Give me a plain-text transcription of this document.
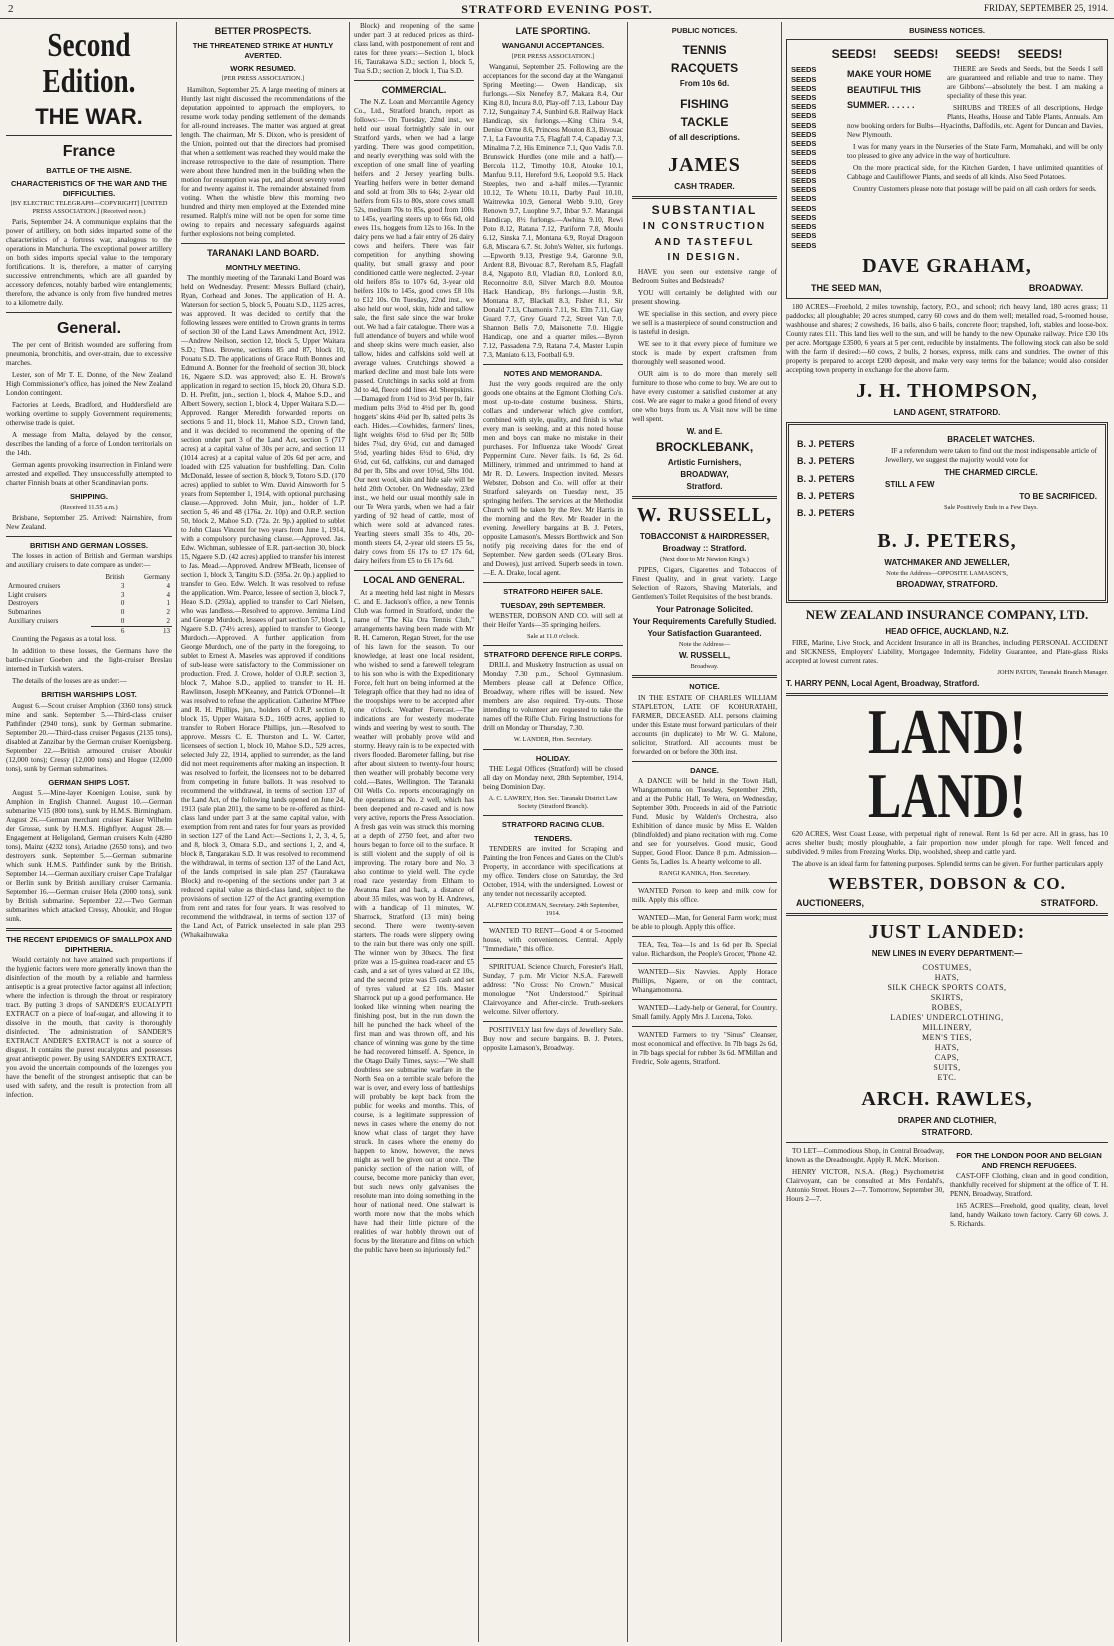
2	STRATFORD EVENING POST.	FRIDAY, SEPTEMBER 25, 1914.
Second Edition.
THE WAR.
France
BATTLE OF THE AISNE.
CHARACTERISTICS OF THE WAR AND THE DIFFICULTIES.
[BY ELECTRIC TELEGRAPH—COPYRIGHT] [UNITED PRESS ASSOCIATION.] (Received noon.)

Paris, September 24. A communique explains that the power of artillery, on both sides imparted some of the characteristics of a fortress war, analogous to the operations in Manchuria. The exceptional power artillery on both sides imports special value to the temporary fortifications. It is, therefore, a matter of carrying successive entrenchments, which are all guarded by accessory defences, notably barbed wire entanglements; therefore, the advance is only from five hundred metres to a kilometre daily.

General.

The per cent of British wounded are suffering from pneumonia, bronchitis, and over-strain, due to excessive marches.

Lester, son of Mr T. E. Donne, of the New Zealand High Commissioner's office, has joined the New Zealand London contingent.

Factories at Leeds, Bradford, and Huddersfield are working overtime to supply Government requirements; otherwise trade is quiet.

A message from Malta, delayed by the censor, describes the landing of a force of London territorials on the 14th.

German agents provoking insurrection in Finland were arrested and expelled. They unsuccessfully attempted to charter Finnish boats at other Scandinavian ports.

SHIPPING.
(Received 11.55 a.m.)

Brisbane, September 25. Arrived: Nairnshire, from New Zealand.

BRITISH AND GERMAN LOSSES.

The losses in action of British and German warships and auxiliary cruisers to date compare as under:—

	British	Germany
Armoured cruisers	3	4
Light cruisers	3	4
Destroyers	0	1
Submarines	0	2
Auxiliary cruisers	0	2
	6	13

Counting the Pegasus as a total loss.

In addition to these losses, the Germans have the battle-cruiser Goeben and the light-cruiser Breslau interned in Turkish waters.

The details of the losses are as under:—

BRITISH WARSHIPS LOST.

August 6.—Scout cruiser Amphion (3360 tons) struck mine and sank. September 5.—Third-class cruiser Pathfinder (2940 tons), sunk by German submarine. September 20.—Third-class cruiser Pegasus (2135 tons), disabled at Zanzibar by the German cruiser Koenigsberg. September 22.—British armoured cruiser Aboukir (12,000 tons); Cressy (12,000 tons) and Hogue (12,000 tons), sunk by German submarines.

GERMAN SHIPS LOST.

August 5.—Mine-layer Koenigen Louise, sunk by Amphion in English Channel. August 10.—German submarine V15 (800 tons), sunk by H.M.S. Birmingham. August 26.—German merchant cruiser Kaiser Wilhelm der Grosse, sunk by H.M.S. Highflyer. August 28.—Engagement at Heligoland, German cruisers Koln (4280 tons), Mainz (4232 tons), Ariadne (2650 tons), and two destroyers sunk. September 5.—German submarine which sunk H.M.S. Pathfinder sunk by the British. September 14.—German auxiliary cruiser Cape Trafalgar or Berlin sunk by British auxiliary cruiser Carmania. September 16.—German cruiser Hela (2000 tons), sunk by British submarine. September 22.—Two German submarines which attacked Cressy, Aboukir, and Hogue sunk.

THE RECENT EPIDEMICS OF SMALLPOX AND DIPHTHERIA.

Would certainly not have attained such proportions if the hygienic factors were more generally known than the disinfection of the mouth by a reliable and harmless antiseptic is a great protective factor against all infection; where the infection is through the throat or respiratory tract. By putting 3 drops of SANDER'S EUCALYPTI EXTRACT on a piece of loaf-sugar, and allowing it to dissolve in the mouth, that cavity is thoroughly disinfected. The administration of SANDER'S EXTRACT ANDER'S EXTRACT is not a source of disgust. It contains the purest eucalyptus and possesses great antiseptic power. By using SANDER'S EXTRACT, you avoid the uncertain compounds of the lozenges you have the benefit of the strongest antiseptic that can be used with safety, and the result is protection from all infection.

BETTER PROSPECTS.
THE THREATENED STRIKE AT HUNTLY AVERTED.
WORK RESUMED.
[PER PRESS ASSOCIATION.]

Hamilton, September 25. A large meeting of miners at Huntly last night discussed the recommendations of the deputation appointed to approach the employers, to resume work today pending settlement of the demands for all-round increases. The matter was argued at great length. The chairman, Mr S. Dixon, who is president of the Union, pointed out that the directors had promised that when a settlement was reached they would make the increase retrospective to the date of resumption. There were about three hundred men in the building when the motion for resumption was put, and about seventy voted for and twenty against it. The remainder abstained from voting. When the whistle blew this morning two hundred and thirty men employed at the Extended mine resumed. Ralph's mine will not be open for some time owing to repairs and necessary safeguards against further explosions not being completed.

TARANAKI LAND BOARD.
MONTHLY MEETING.

The monthly meeting of the Taranaki Land Board was held on Wednesday. Present: Messrs Bullard (chair), Ryan, Corhead and Jones. The application of H. A. Waterson for section 5, block 5, Pouatu S.D., 1125 acres, was approved. It was decided to certify that the following lessees were entitled to Crown grants in terms of section 30 of the Land Laws Amendment Act, 1912.—Andrew Neilson, section 12, block 5, Upper Waitara S.D.; Thos. Browne, sections 85 and 87, block 10, Pouatu S.D. The applications of Grace Ruth Bonnes and Edmund A. Bonner for the freehold of section 30, block 16, Ngaere S.D. was approved; also E. H. Brown's application in regard to section 15, block 20, Ohura S.D. D. H. Prefitt, jun., section 1, block 4, Mahoe S.D., and Albert Sowery, section 1, block 4, Upper Waitara S.D.—Approved. Ranger Meredith forwarded reports on sections 5 and 11, block 11, Mahoe S.D., Crown land, and it was decided to recommend the opening of the section under part 3 of the Land Act, section 5 (717 acres) at a capital value of 30s per acre, and section 11 (1014 acres) at a capital value of 20s 6d per acre, and loaded with £25 valuation for bushfelling. Dan. Colin McDonald, lessee of section 8, block 9, Totoro S.D. (170 acres) applied to sublet to Wm. David Ainsworth for 5 years from September 1, 1914, with optional purchasing clause.—Approved. John Muir, jun., holder of L.P. section 5, 46 and 48 (176a. 2r. 10p) and O.R.P. section 50, block 2, Mahoe S.D. (72a. 2r. 9p.) applied to sublet to John Claus Vincent for two years from June 1, 1914, with a compulsory purchasing clause.—Approved. Jas. Edw. Wichman, sublessee of E.R. part-section 30, block 15, Ngaere S.D. (42 acres) applied to transfer his interest to Jas. Mead.—Approved. Andrew M'Beath, licensee of section 1, block 3, Tangitu S.D. (595a. 2r. 0p.) applied to transfer to Geo. Edw. Welch. It was resolved to refuse the application. Wm. Pearce, lessee of section 3, block 7, Heao S.D. (293a), applied to transfer to Carl Nielsen, who was landless.—Resolved to approve. Jemima Lind and George Murdoch, lessees of part section 57, block 1, Ngaere S.D. (74½ acres), applied to transfer to George Murdoch.—Approved. A further application from George Murdoch, one of the party in the foregoing, to sublet to Ernest A. Maseles was approved if conditions of sub-lease were satisfactory to the Commissioner on production. Fred. J. Crowe, holder of O.R.P. section 3, block 7, Mahoe S.D., applied to transfer to H. H. Rawlinson, Joseph M'Keaney, and Patrick O'Donnel—It was resolved to refuse the application. Catherine M'Phee and R. H. Phillips, jun., holders of O.R.P. section 8, block 15, Upper Waitara S.D., 1609 acres, applied to transfer to Robert Horace Phillips, jun.—Resolved to approve. Messrs C. E. Thurston and L. W. Carter, licensees of section 1, block 10, Mahoe S.D., 529 acres, selected July 22, 1914, applied to surrender, as the land did not meet requirements after making an inspection. It was resolved to forfeit, the licensees not to be debarred from competing in future ballots. It was resolved to recommend the withdrawal, in terms of section 137 of the Land Act, of the following lands opened on June 24, 1913 (sale plan 201), the same to be re-offered as third-class land under part 3 at the same capital value, with exemption from rent and rates for four years as provided in section 127 of the Land Act:—Sections 1, 2, 3, 4, 5, and 8, block 3, Omara S.D., and sections 1, 2, and 4, block 8, Tangarakau S.D. It was resolved to recommend the withdrawal, in terms of section 137 of the Land Act, of the lands comprised in sale plan 257 (Taurakawa Block) and re-opening of the sections under part 3 at reduced capital value as third-class land, subject to the provisions of section 127 of the Act granting exemption from rent and rates for four years. It was resolved to recommend the withdrawal, in terms of section 137 of the Land Act, of Patrick unselected in sale plan 293 (Whakaihuwaka

Block) and reopening of the same under part 3 at reduced prices as third-class land, with postponement of rent and rates for three years:—Section 1, block 16, Taurakawa S.D.; section 1, block 5, Tua S.D.; section 2, block 1, Tua S.D.

COMMERCIAL.

The N.Z. Loan and Mercantile Agency Co., Ltd., Stratford branch, report as follows:— On Tuesday, 22nd inst., we held our usual fortnightly sale in our Stratford yards, when we had a large yarding. There was good competition, and nearly everything was sold with the exception of one small line of yearling heifers and 2 Jersey yearling bulls. Yearling heifers were in better demand and sold at from 30s to 64s; 2-year old heifers from 61s to 80s, store cows small 52s, medium 70s to 85s, good from 100s to 145s, yearling steers up to 66s 6d, old ewes 11s, hoggets from 12s to 16s. In the dairy pens we had a fair entry of 26 dairy cows and heifers. There was fair competition for anything showing quality, but small grassy and poor conditioned cattle were neglected. 2-year old heifers 85s to 107s 6d, 3-year old heifers 110s to 145s, good cows £8 10s to £12 10s. On Tuesday, 22nd inst., we also held our wool, skin, hide and tallow sale, the first sale since the war broke out. We had a fair catalogue. There was a full attendance of buyers and while wool and sheep skins were much easier, also tallow, hides and calfskins sold well at average values. Crutchings showed a marked decline and most bale lots were passed. Crutchings in sacks sold at from 3d to 4d, fleece odd lines 4d. Sheepskins.—Damaged from 1½d to 3½d per lb, fair medium pelts 3½d to 4½d per lb, good hoggets' skins 4¼d per lb, salted pelts 3s each. Hides.—Cowhides, farmers' lines, light weights 6½d to 6¾d per lb; 50lb hides 7¼d, dry 6½d, cut and damaged 5½d, yearling hides 6½d to 6¾d, dry 6½d, cut 6d, calfskins, cut and damaged 8d per lb, 5lbs and over 10½d, 5lbs 10d. Our next wool, skin and hide sale will be held 20th October. On Wednesday, 23rd inst., we held our usual monthly sale in our Te Wera yards, when we had a fair yarding of 92 head of cattle, most of which were sold at advanced rates. Yearling steers small 35s to 40s, 20-month steers £4, 2-year old steers £5 5s, dairy cows from £6 17s to £7 17s 6d, dairy heifers from £5 to £6 17s 6d.

LOCAL AND GENERAL.

At a meeting held last night in Messrs C. and E. Jackson's office, a new Tennis Club was formed in Stratford, under the name of "The Kia Ora Tennis Club," arrangements having been made with Mr R. H. Cameron, Regan Street, for the use of his lawn for the season. To our knowledge, at least one local resident, who wished to send a farewell telegram to his son who is with the Expeditionary Force, felt hurt on being informed at the Telegraph office that they had no idea of the troopships were to be accepted after one o'clock. Weather Forecast.—The indications are for westerly moderate winds and veering by west to south. The weather will probably prove wild and stormy. Heavy rain is to be expected with rivers flooded. Barometer falling, but rise after about sixteen to twenty-four hours; then weather will probably become very cold.—Bates, Wellington. The Taranaki Oil Wells Co. reports encouragingly on the operations at No. 2 well, which has been deepened and re-cased and is now very active, reports the Press Association. A fresh gas vein was struck this morning at a depth of 2750 feet, and after two hours began to force oil to the surface. It is still violent and the supply of oil is improving. The rotary bore and No. 3 also continue to yield well. The cycle road race yesterday from Eltham to Awatuna East and back, a distance of about 35 miles, was won by H. Andrews, with a handicap of 11 minutes, W. Sharrock, Stratford (13 min) being second. There were twenty-seven starters. The roads were slippery owing to the rain but there was only one spill. The winner won by 30secs. The first prize was a 15-guinea road-racer and £5 cash, and a set of tyres valued at £2 10s, and the second prize was £5 cash and set of tyres valued at £2 10s. Master Sharrock put up a good performance. He looked like winning when nearing the finishing post, but in the run down the hill he punched the back wheel of the first man and was thrown off, and his chance of winning was gone by the time he had recovered himself. A. Spence, in the Otago Daily Times, says:—"We shall doubtless see submarine warfare in the North Sea on a terrible scale before the war is over, and every loss of battleships will probably be kept back from the public for weeks and months. This, of course, is a legitimate suppression of news in cases where the enemy do not know what class of target they have struck. In cases where the enemy do happen to know, however, the news might as well be given out at once. The panicky section of the nation will, of course, become more panicky than ever, but such news only galvanises the resolute man into doing something in the hour of national need. One stalwart is worth more now that the mobs which have had their little picture of the realities of war hobbly thrown out of focus by the literature and films on which the public have been so injuriously fed."

LATE SPORTING.
WANGANUI ACCEPTANCES.
[PER PRESS ASSOCIATION.]

Wanganui, September 25. Following are the acceptances for the second day at the Wanganui Spring Meeting:— Owen Handicap, six furlongs.—Six Nenefey 8.7, Makara 8.4, Our King 8.0, Incura 8.0, Play-off 7.13, Labour Day 7.12, Sungainay 7.4, Sunbird 6.8. Railway Hack Handicap, six furlongs.—King Chira 9.4, Denise Orme 8.6, Princess Mouton 8.3, Bivouac 7.1, La Favourita 7.5, Flagfall 7.4, Capaday 7.3, Minalma 7.2, His Eminence 7.1, Quo Vadis 7.0. Brunswick Hurdles (one mile and a half).—Bercola 11.2, Timothy 10.8, Atouke 10.1, Manfuu 9.11, Hereford 9.6, Leopold 9.5. Hack Steeples, two and a-half miles.—Tyrannic 10.12, Te Whetu 10.11, Darby Paul 10.10, Waitrewka 10.9, General Webb 9.10, Grey Renown 9.7, Luophne 9.7, Ihbar 9.7. Marangai Handicap, 8½ furlongs.—Awhina 9.10, Rewi Poto 8.12, Ratana 7.12, Pariform 7.8, Moulu 6.12, Sinska 7.1, Montana 6.9, Royal Dragoon 6.8, Miscara 6.7. St. John's Welter, six furlongs.—Epworth 9.13, Prestige 9.4, Garonne 9.0, Ardent 8.8, Bivouac 8.7, Rereham 8.5, Flagfall 8.4, Ngapoto 8.0, Vladian 8.0, Lonlord 8.0, Reconnoitre 8.0, Silver March 8.0. Moutoa Hack Handicap, 8½ furlongs.—Justin 9.8, Montana 8.7, Blackall 8.3, Fisher 8.1, Sir Donald 7.13, Chamonix 7.11, St. Elm 7.11, Gay Guard 7.7, Grey Guard 7.2, Street Van 7.0, Shannon Bells 7.0, Maisonette 7.0. Higgie Handicap, one and a quarter miles.—Byron 7.12, Passadena 7.9, Ratana 7.4, Master Lupin 7.3, Maniato 6.13, Football 6.9.

NOTES AND MEMORANDA.

Just the very goods required are the only goods one obtains at the Egmont Clothing Co's. most up-to-date costume business. Shirts, collars and underwear which give comfort, combined with style, quality, and finish is what every man is seeking, and at this noted house men and boys can make no mistake in their purchases. For Influenza take Woods' Great Peppermint Cure. Never fails. 1s 6d, 2s 6d. Millinery, trimmed and untrimmed to hand at Mr R. D. Lewers. Inspection invited. Messrs Webster, Dobson and Co. will offer at their Stratford saleyards on Tuesday next, 35 springing heifers. The services at the Methodist Church will be taken by the Rev. Mr Harris in the morning and the Rev. Mr Reader in the evening. Jewellery bargains at B. J. Peters, opposite Lamason's. Messrs Borthwick and Son notify pig receiving dates for the end of September. New garden seeds (O'Leary Bros. and Dowes), just arrived. Superb seeds in town.—E. A. Drake, local agent.

STRATFORD HEIFER SALE.
TUESDAY, 29th SEPTEMBER.

WEBSTER, DOBSON AND CO. will sell at their Heifer Yards—35 springing heifers.

Sale at 11.0 o'clock.
STRATFORD DEFENCE RIFLE CORPS.

DRILL and Musketry Instruction as usual on Monday 7.30 p.m., School Gymnasium. Members please call at Defence Office, Broadway, where rifles will be issued. New members are also required. Try-outs. Those intending to volunteer are requested to take the names off the Rifle Club. Firing Instructions for drill on Monday or Thursday, 7.30.

W. LANDER, Hon. Secretary.
HOLIDAY.

THE Legal Offices (Stratford) will be closed all day on Monday next, 28th September, 1914, being Dominion Day.

A. C. LAWREY, Hon. Sec. Taranaki District Law Society (Stratford Branch).
STRATFORD RACING CLUB.
TENDERS.

TENDERS are invited for Scraping and Painting the Iron Fences and Gates on the Club's Property, in accordance with specifications at my office. Tenders close on Saturday, the 3rd October, 1914, with the undersigned. Lowest or any tender not necessarily accepted.

ALFRED COLEMAN, Secretary. 24th September, 1914.

WANTED TO RENT—Good 4 or 5-roomed house, with conveniences. Central. Apply "Immediate," this office.

SPIRITUAL Science Church, Forester's Hall, Sunday, 7 p.m. Mr Victor N.S.A. Farewell address: "No Cross: No Crown." Musical monologue "Not Understood." Spiritual Clairvoyance and After-circle. Truth-seekers welcome. Silver offertory.

POSITIVELY last few days of Jewellery Sale. Buy now and secure bargains. B. J. Peters, opposite Lamason's, Broadway.

PUBLIC NOTICES.
TENNIS
RACQUETS
From 10s 6d.
FISHING
TACKLE
of all descriptions.
JAMES
CASH TRADER.
SUBSTANTIAL
IN CONSTRUCTION
AND TASTEFUL
IN DESIGN.

HAVE you seen our extensive range of Bedroom Suites and Bedsteads?

YOU will certainly be delighted with our present showing.

WE specialise in this section, and every piece we sell is a masterpiece of sound construction and is tasteful in design.

WE see to it that every piece of furniture we stock is made by expert craftsmen from thoroughly well seasoned wood.

OUR aim is to do more than merely sell furniture to those who come to buy. We are out to have every customer a satisfied customer at any cost. We are eager to make a good friend of every one who buys from us. A Visit now will be time well spent.

W. and E.
BROCKLEBANK,
Artistic Furnishers,
BROADWAY,
Stratford.
W. RUSSELL,
TOBACCONIST & HAIRDRESSER,
Broadway :: Stratford.
(Next door to Mr Newton King's.)

PIPES, Cigars, Cigarettes and Tobaccos of Finest Quality, and in great variety. Large Selection of Razors, Shaving Materials, and Gentlemen's Toilet Requisites of the best brands.

Your Patronage Solicited.
Your Requirements Carefully Studied.
Your Satisfaction Guaranteed.
Note the Address—
W. RUSSELL,
Broadway.
NOTICE.

IN THE ESTATE OF CHARLES WILLIAM STAPLETON, LATE OF KOHURATAHI, FARMER, DECEASED. ALL persons claiming under this Estate must forward particulars of their accounts (in duplicate) to Mr W. G. Malone, solicitor, Stratford. All accounts must be forwarded on or before the 30th inst.

DANCE.

A DANCE will be held in the Town Hall, Whangamomona on Tuesday, September 29th, and at the Public Hall, Te Wera, on Wednesday, September 30th. Proceeds in aid of the Patriotic Fund. Music by Walden's Orchestra, also Exhibition of dance music by Miss E. Walden (blindfolded) and piano recitation with rug. Come and see for yourselves. Good music, Good Supper, Good Floor. Dance 8 p.m. Admission—Gents 5s, Ladies 1s. A hearty welcome to all.

RANGI KANIKA, Hon. Secretary.

WANTED Person to keep and milk cow for milk. Apply this office.

WANTED—Man, for General Farm work; must be able to plough. Apply this office.

TEA, Tea, Tea—1s and 1s 6d per lb. Special value. Richardson, the People's Grocer, 'Phone 42.

WANTED—Six Navvies. Apply Horace Phillips, Ngaere, or on the contract, Whangamomona.

WANTED—Lady-help or General, for Country. Small family. Apply Mrs J. Lucena, Toko.

WANTED Farmers to try "Sinus" Cleanser, most economical and effective. In 7lb bags 2s 6d, in 7lb bags special for rubber 3s 6d. M'Millan and Fredric, Sole agents, Stratford.

BUSINESS NOTICES.
SEEDS! SEEDS! SEEDS! SEEDS!
SEEDS
SEEDS
SEEDS
SEEDS
SEEDS
SEEDS
SEEDS
SEEDS
SEEDS
SEEDS
SEEDS
SEEDS
SEEDS
SEEDS
SEEDS
SEEDS
SEEDS
SEEDS
SEEDS
SEEDS
MAKE YOUR HOME
BEAUTIFUL THIS
SUMMER. . . . . .

THERE are Seeds and Seeds, but the Seeds I sell are guaranteed and reliable and true to name. They are Gibbons'—absolutely the best. I am making a speciality of these this year.

SHRUBS and TREES of all descriptions, Hedge Plants, Heaths, House and Table Plants, Annuals. Am now booking orders for Bulbs—Hyacinths, Daffodils, etc. Agent for Duncan and Davies, New Plymouth.

I was for many years in the Nurseries of the State Farm, Momahaki, and will be only too pleased to give any advice in the way of horticulture.

On the more practical side, for the Kitchen Garden, I have unlimited quantities of Cabbage and Cauliflower Plants, and seeds of all kinds. Also Seed Potatoes.

Country Customers please note that postage will be paid on all cash orders for seeds.

DAVE GRAHAM,
THE SEED MAN,	BROADWAY.

180 ACRES—Freehold, 2 miles township, factory, P.O., and school; rich heavy land, 180 acres grass; 11 paddocks; all ploughable; 20 acres stumped, carry 60 cows and do them well; metalled road, 5-roomed house, washhouse and shares; 2 cowsheds, 16 bails, also 6 bails, concrete floor; trapshed, loft, stables and loose-box. County rates £11. This land lies well to the sun, and will be handy to the new Opunake railway. Price £30 10s per acre. Mortgage £3500, 6 years at 5 per cent, reducible by instalments. The following stock can also be sold with the farm if desired:—60 cows, 2 bulls, 2 horses, express, milk cans and sundries. The owner of this property is prepared to accept £200 deposit, and make very easy terms for the balance; would also consider accepting town property in exchange for the above farm.

J. H. THOMPSON,
LAND AGENT, STRATFORD.
B. J. PETERS
B. J. PETERS
B. J. PETERS
B. J. PETERS
B. J. PETERS
BRACELET WATCHES.

IF a referendum were taken to find out the most indispensable article of Jewellery, we suggest the majority would vote for

THE CHARMED CIRCLE.
STILL A FEW
TO BE SACRIFICED.
Sale Positively Ends in a Few Days.
B. J. PETERS,
WATCHMAKER AND JEWELLER,
Note the Address—OPPOSITE LAMASON'S,
BROADWAY, STRATFORD.
NEW ZEALAND INSURANCE COMPANY, LTD.
HEAD OFFICE, AUCKLAND, N.Z.

FIRE, Marine, Live Stock, and Accident Insurance in all its Branches, including PERSONAL ACCIDENT and SICKNESS, Employers' Liability, Mortgagee Indemnity, Fidelity Guarantee, and Plate-glass Risks accepted at lowest current rates.

JOHN PATON, Taranaki Branch Manager.
T. HARRY PENN, Local Agent, Broadway, Stratford.
LAND! LAND!

620 ACRES, West Coast Lease, with perpetual right of renewal. Rent 1s 6d per acre. All in grass, has 10 acres shelter bush; mostly ploughable, a fair proportion now under plough for rape. Well fenced and subdivided. 9 miles from Freezing Works. Dip, woolshed, sheep and cattle yard.

The above is an ideal farm for fattening purposes. Splendid terms can be given. For further particulars apply

WEBSTER, DOBSON & CO.
AUCTIONEERS,	STRATFORD.
JUST LANDED:
NEW LINES IN EVERY DEPARTMENT:—
COSTUMES,
HATS,
SILK CHECK SPORTS COATS,
SKIRTS,
ROBES,
LADIES' UNDERCLOTHING,
MILLINERY,
MEN'S TIES,
HATS,
CAPS,
SUITS,
ETC.
ARCH. RAWLES,
DRAPER AND CLOTHIER,
STRATFORD.

TO LET—Commodious Shop, in Central Broadway, known as the Dreadnought. Apply R. McK. Morison.

HENRY VICTOR, N.S.A. (Reg.) Psychometrist Clairvoyant, can be consulted at Mrs Ferdahl's, Antonio Street. Hours 2—7. Tomorrow, September 30, Hours 2—7.

FOR THE LONDON POOR AND BELGIAN AND FRENCH REFUGEES.

CAST-OFF Clothing, clean and in good condition, thankfully received for shipment at the office of T. H. PENN, Broadway, Stratford.

165 ACRES—Freehold, good quality, clean, level land, handy Waikato town factory. Carry 60 cows. J. S. Richards.
